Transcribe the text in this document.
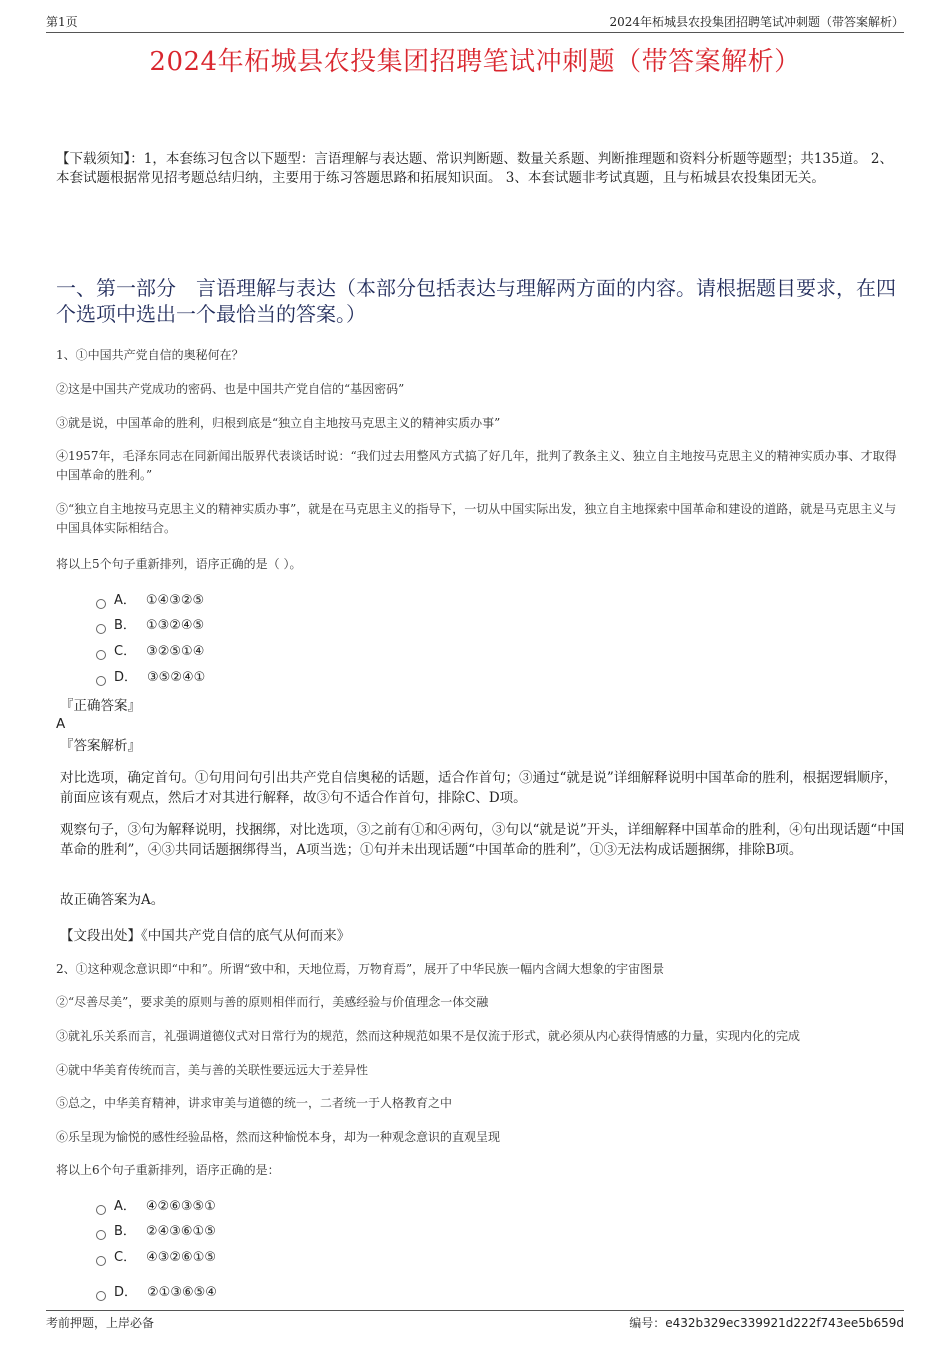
第1页	2024年柘城县农投集团招聘笔试冲刺题（带答案解析）
2024年柘城县农投集团招聘笔试冲刺题（带答案解析）
【下载须知】：1，本套练习包含以下题型：言语理解与表达题、常识判断题、数量关系题、判断推理题和资料分析题等题型；共135道。 2、本套试题根据常见招考题总结归纳，主要用于练习答题思路和拓展知识面。 3、本套试题非考试真题，且与柘城县农投集团无关。
一、第一部分　言语理解与表达（本部分包括表达与理解两方面的内容。请根据题目要求，在四个选项中选出一个最恰当的答案。）
1、①中国共产党自信的奥秘何在？
②这是中国共产党成功的密码、也是中国共产党自信的“基因密码”
③就是说，中国革命的胜利，归根到底是“独立自主地按马克思主义的精神实质办事”
④1957年，毛泽东同志在同新闻出版界代表谈话时说：“我们过去用整风方式搞了好几年，批判了教条主义、独立自主地按马克思主义的精神实质办事、才取得中国革命的胜利。”
⑤“独立自主地按马克思主义的精神实质办事”，就是在马克思主义的指导下，一切从中国实际出发，独立自主地探索中国革命和建设的道路，就是马克思主义与中国具体实际相结合。
将以上5个句子重新排列，语序正确的是（ ）。
A． ①④③②⑤
B． ①③②④⑤
C． ③②⑤①④
D． ③⑤②④①
『正确答案』
A
『答案解析』
对比选项，确定首句。①句用问句引出共产党自信奥秘的话题，适合作首句；③通过“就是说”详细解释说明中国革命的胜利，根据逻辑顺序，前面应该有观点，然后才对其进行解释，故③句不适合作首句，排除C、D项。
观察句子，③句为解释说明，找捆绑，对比选项，③之前有①和④两句，③句以“就是说”开头，详细解释中国革命的胜利，④句出现话题“中国革命的胜利”，④③共同话题捆绑得当，A项当选；①句并未出现话题“中国革命的胜利”，①③无法构成话题捆绑，排除B项。
故正确答案为A。
【文段出处】《中国共产党自信的底气从何而来》
2、①这种观念意识即“中和”。所谓“致中和，天地位焉，万物育焉”，展开了中华民族一幅内含阔大想象的宇宙图景
②“尽善尽美”，要求美的原则与善的原则相伴而行，美感经验与价值理念一体交融
③就礼乐关系而言，礼强调道德仪式对日常行为的规范，然而这种规范如果不是仅流于形式，就必须从内心获得情感的力量，实现内化的完成
④就中华美育传统而言，美与善的关联性要远远大于差异性
⑤总之，中华美育精神，讲求审美与道德的统一，二者统一于人格教育之中
⑥乐呈现为愉悦的感性经验品格，然而这种愉悦本身，却为一种观念意识的直观呈现
将以上6个句子重新排列，语序正确的是：
A． ④②⑥③⑤①
B． ②④③⑥①⑤
C． ④③②⑥①⑤
D． ②①③⑥⑤④
考前押题，上岸必备	编号：e432b329ec339921d222f743ee5b659d
